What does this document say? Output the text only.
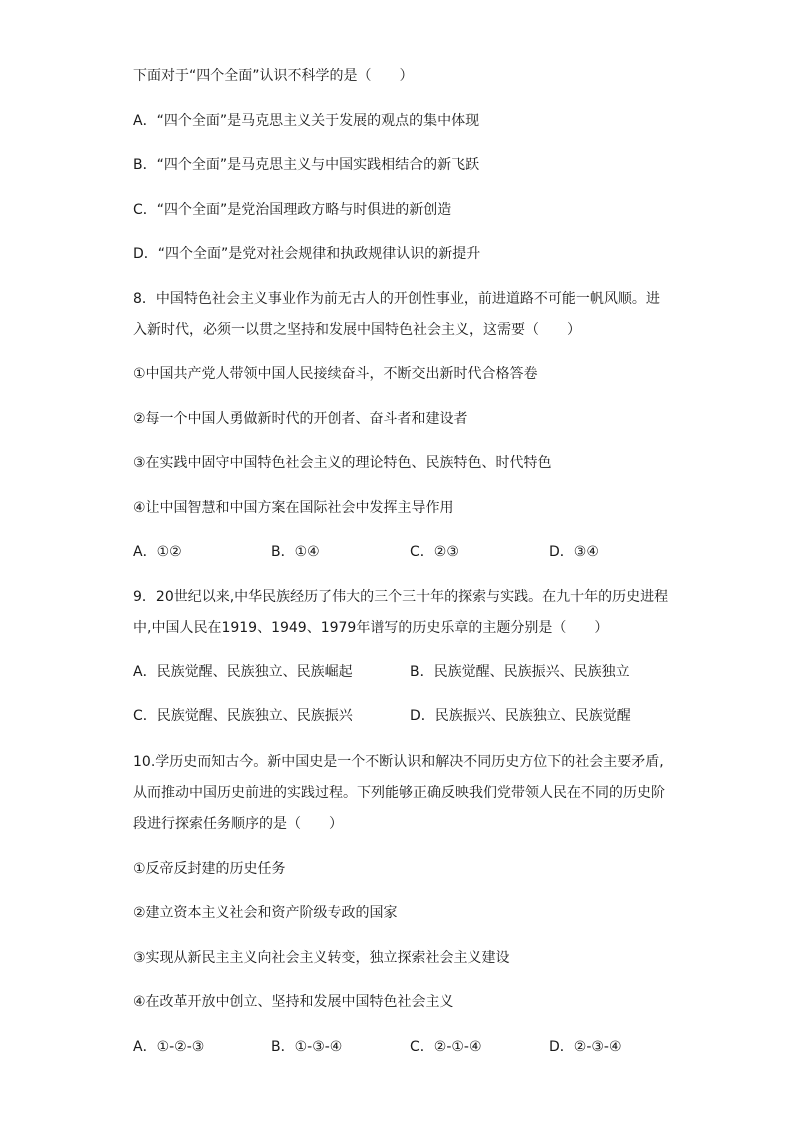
下面对于“四个全面”认识不科学的是（　　）
A．“四个全面”是马克思主义关于发展的观点的集中体现
B．“四个全面”是马克思主义与中国实践相结合的新飞跃
C．“四个全面”是党治国理政方略与时俱进的新创造
D．“四个全面”是党对社会规律和执政规律认识的新提升
8．中国特色社会主义事业作为前无古人的开创性事业，前进道路不可能一帆风顺。进
入新时代，必须一以贯之坚持和发展中国特色社会主义，这需要（　　）
①中国共产党人带领中国人民接续奋斗，不断交出新时代合格答卷
②每一个中国人勇做新时代的开创者、奋斗者和建设者
③在实践中固守中国特色社会主义的理论特色、民族特色、时代特色
④让中国智慧和中国方案在国际社会中发挥主导作用
A．①②	B．①④	C．②③	D．③④
9．20世纪以来,中华民族经历了伟大的三个三十年的探索与实践。在九十年的历史进程
中,中国人民在1919、1949、1979年谱写的历史乐章的主题分别是（　　）
A．民族觉醒、民族独立、民族崛起	B．民族觉醒、民族振兴、民族独立
C．民族觉醒、民族独立、民族振兴	D．民族振兴、民族独立、民族觉醒
10.学历史而知古今。新中国史是一个不断认识和解决不同历史方位下的社会主要矛盾,
从而推动中国历史前进的实践过程。下列能够正确反映我们党带领人民在不同的历史阶
段进行探索任务顺序的是（　　）
①反帝反封建的历史任务
②建立资本主义社会和资产阶级专政的国家
③实现从新民主主义向社会主义转变，独立探索社会主义建设
④在改革开放中创立、坚持和发展中国特色社会主义
A．①-②-③	B．①-③-④	C．②-①-④	D．②-③-④
